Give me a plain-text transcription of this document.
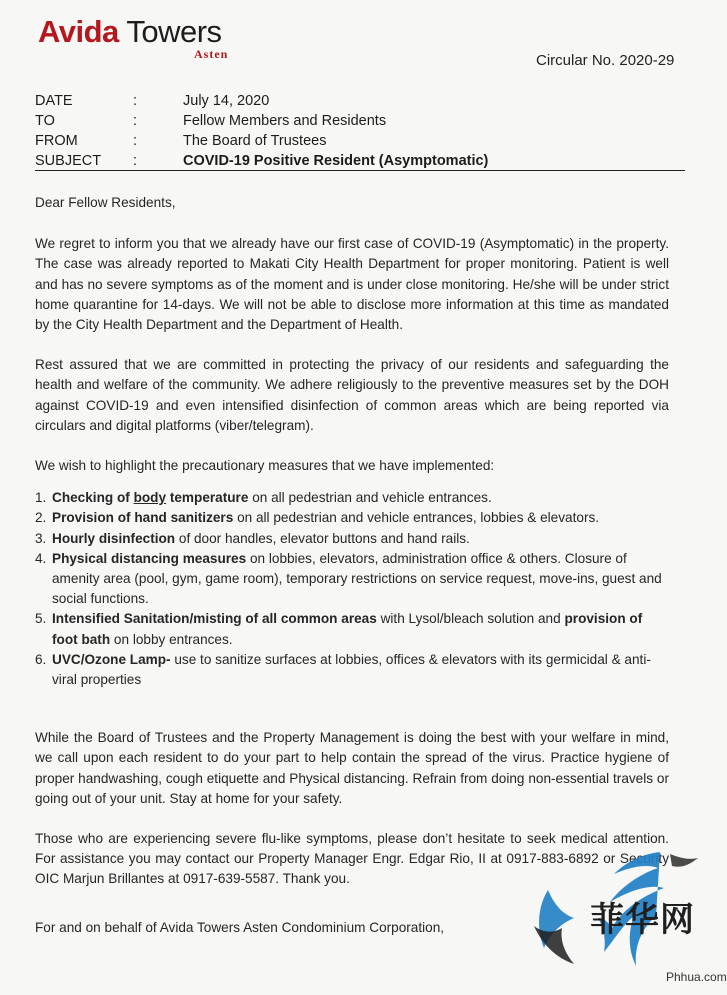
Avida Towers
Asten	Circular No. 2020-29
DATE	:	July 14, 2020
TO	:	Fellow Members and Residents
FROM	:	The Board of Trustees
SUBJECT :	COVID-19 Positive Resident (Asymptomatic)

Dear Fellow Residents,

We regret to inform you that we already have our first case of COVID-19 (Asymptomatic) in the property. The case was already reported to Makati City Health Department for proper monitoring. Patient is well and has no severe symptoms as of the moment and is under close monitoring. He/she will be under strict home quarantine for 14-days. We will not be able to disclose more information at this time as mandated by the City Health Department and the Department of Health.

Rest assured that we are committed in protecting the privacy of our residents and safeguarding the health and welfare of the community. We adhere religiously to the preventive measures set by the DOH against COVID-19 and even intensified disinfection of common areas which are being reported via circulars and digital platforms (viber/telegram).

We wish to highlight the precautionary measures that we have implemented:

1. Checking of body temperature on all pedestrian and vehicle entrances.
2. Provision of hand sanitizers on all pedestrian and vehicle entrances, lobbies & elevators.
3. Hourly disinfection of door handles, elevator buttons and hand rails.
4. Physical distancing measures on lobbies, elevators, administration office & others. Closure of amenity area (pool, gym, game room), temporary restrictions on service request, move-ins, guest and social functions.
5. Intensified Sanitation/misting of all common areas with Lysol/bleach solution and provision of foot bath on lobby entrances.
6. UVC/Ozone Lamp- use to sanitize surfaces at lobbies, offices & elevators with its germicidal & anti-viral properties

While the Board of Trustees and the Property Management is doing the best with your welfare in mind, we call upon each resident to do your part to help contain the spread of the virus. Practice hygiene of proper handwashing, cough etiquette and Physical distancing. Refrain from doing non-essential travels or going out of your unit. Stay at home for your safety.

Those who are experiencing severe flu-like symptoms, please don’t hesitate to seek medical attention. For assistance you may contact our Property Manager Engr. Edgar Rio, II at 0917-883-6892 or Security OIC Marjun Brillantes at 0917-639-5587. Thank you.

For and on behalf of Avida Towers Asten Condominium Corporation,	菲华网
Phhua.com
